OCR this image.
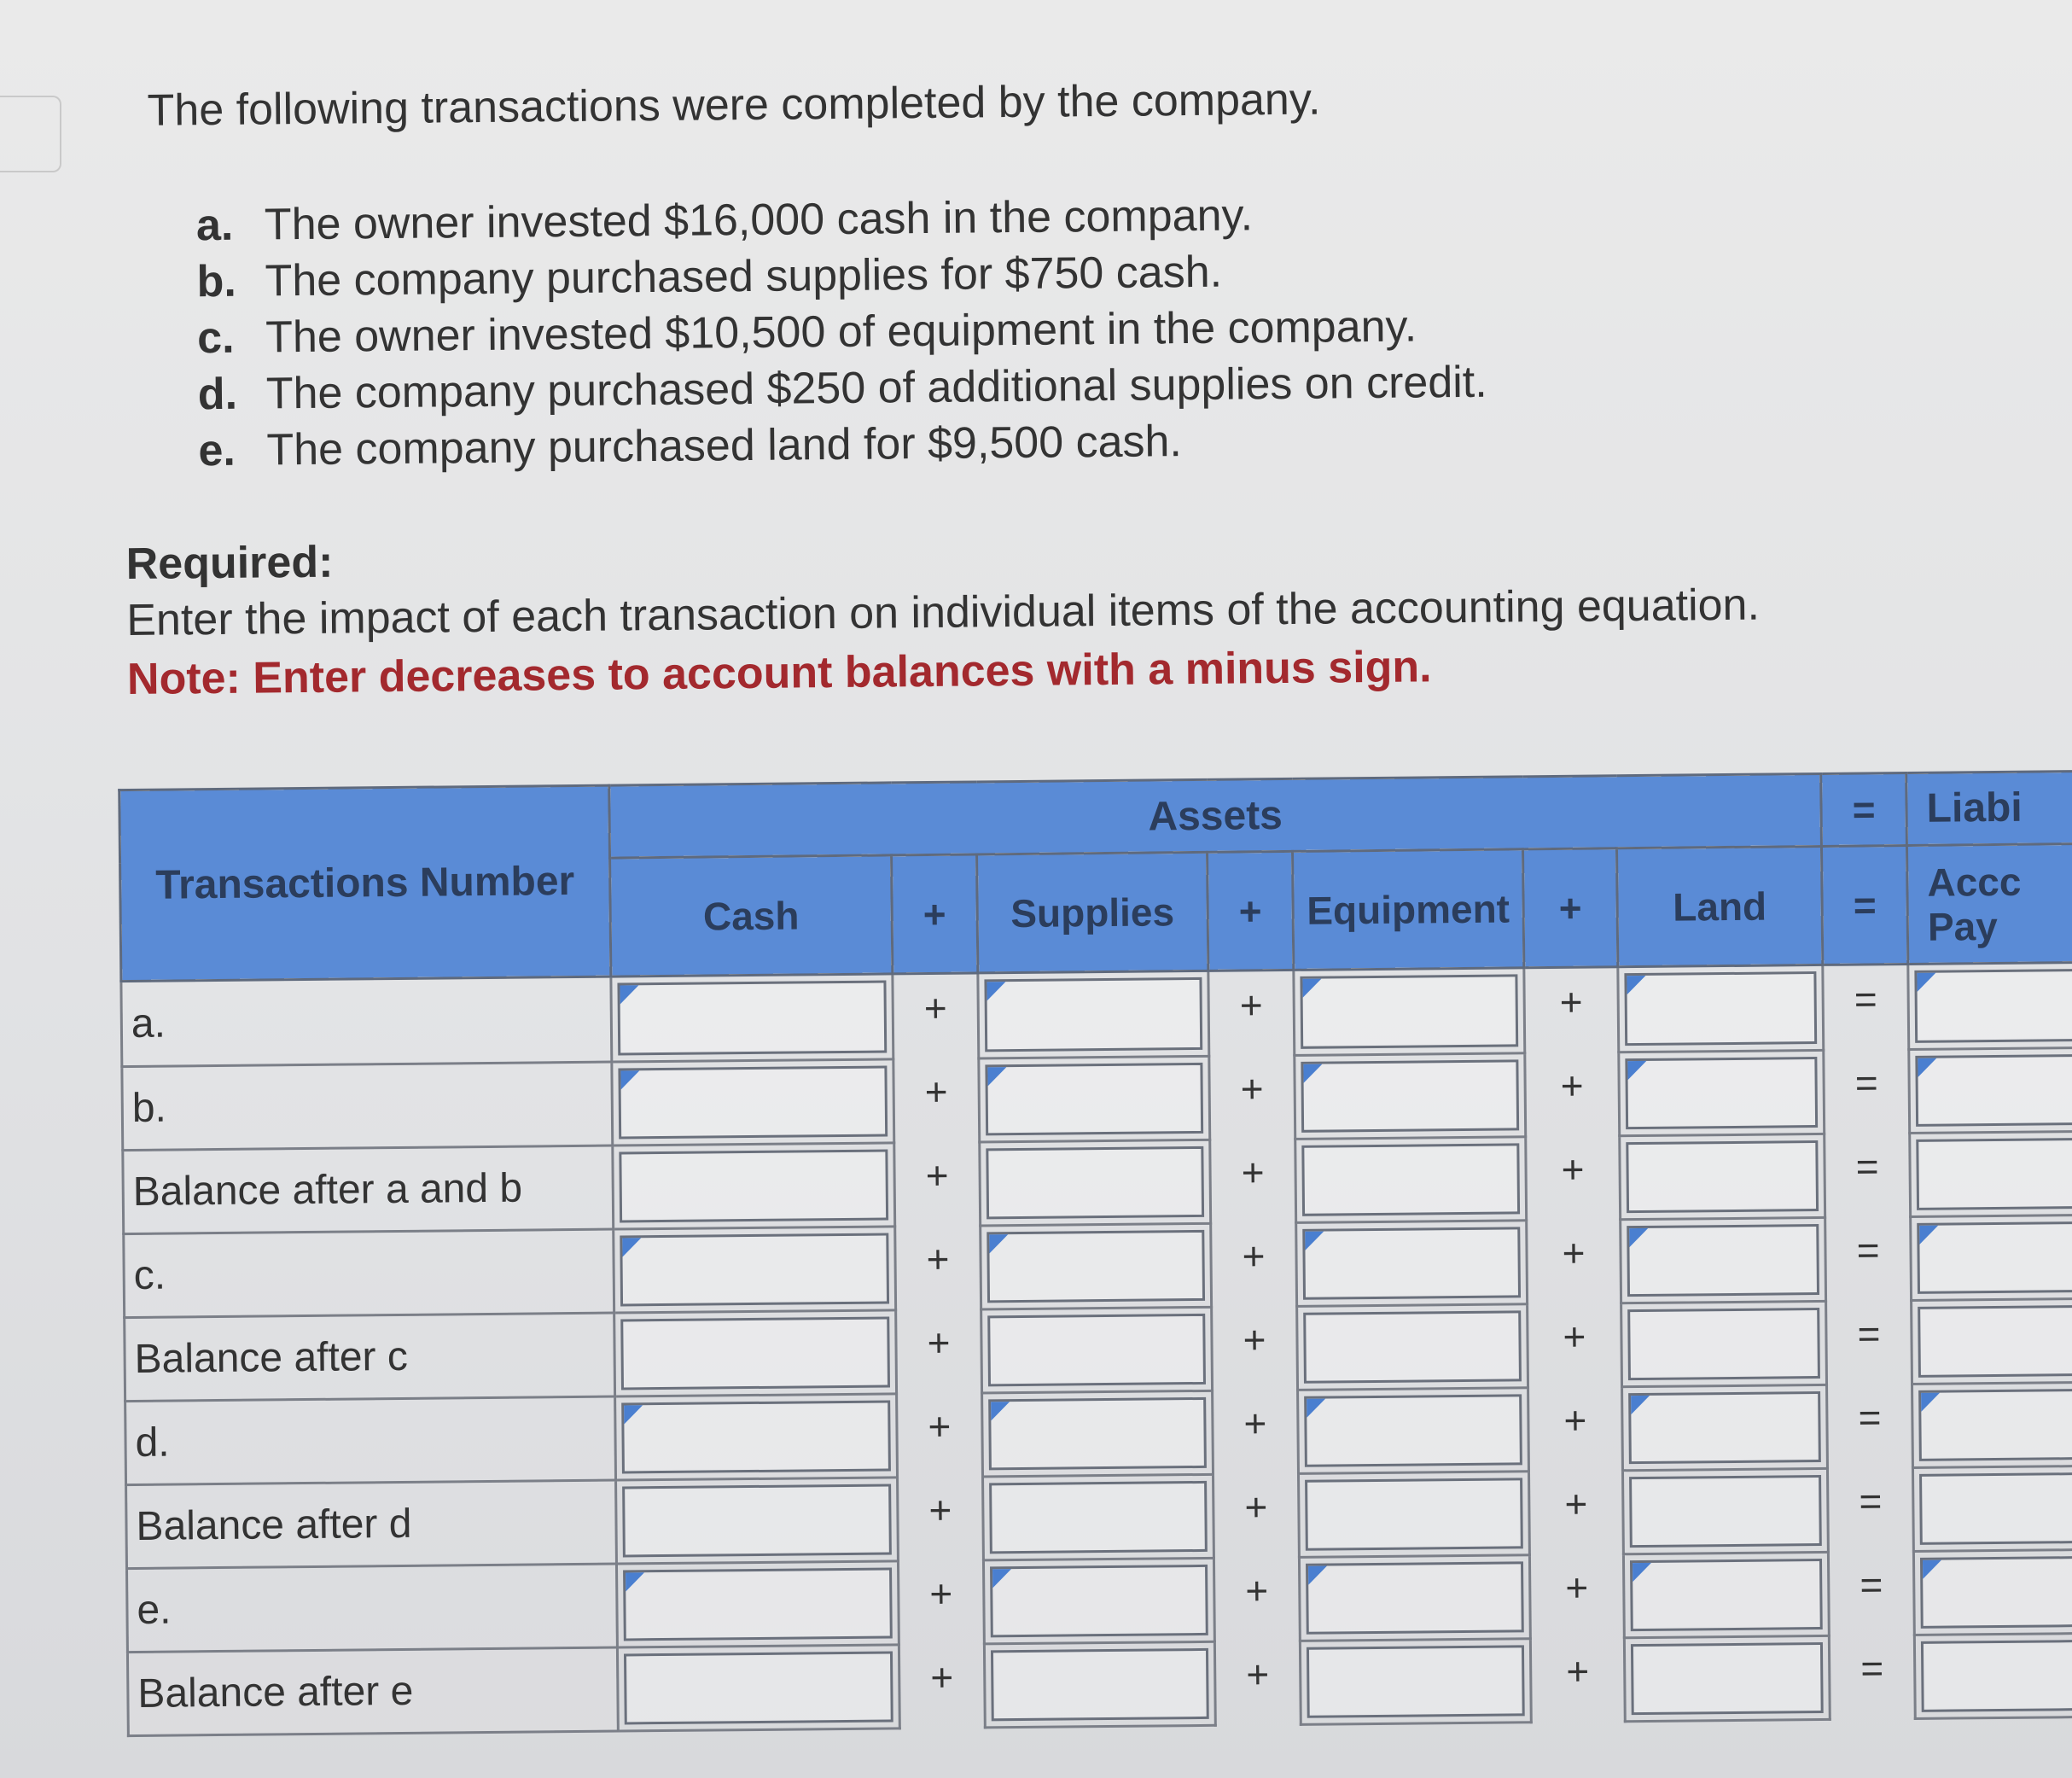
The following transactions were completed by the company.
a. The owner invested $16,000 cash in the company.
b. The company purchased supplies for $750 cash.
c. The owner invested $10,500 of equipment in the company.
d. The company purchased $250 of additional supplies on credit.
e. The company purchased land for $9,500 cash.
Required:
Enter the impact of each transaction on individual items of the accounting equation.
Note: Enter decreases to account balances with a minus sign.
Transactions Number	Assets							=	Liabi
	Cash	+	Supplies	+	Equipment	+	Land	=	Accc
Pay

a.		+		+		+		=	

b.		+		+		+		=	

Balance after a and b		+		+		+		=	

c.		+		+		+		=	

Balance after c		+		+		+		=	

d.		+		+		+		=	

Balance after d		+		+		+		=	

e.		+		+		+		=	

Balance after e		+		+		+		=	
